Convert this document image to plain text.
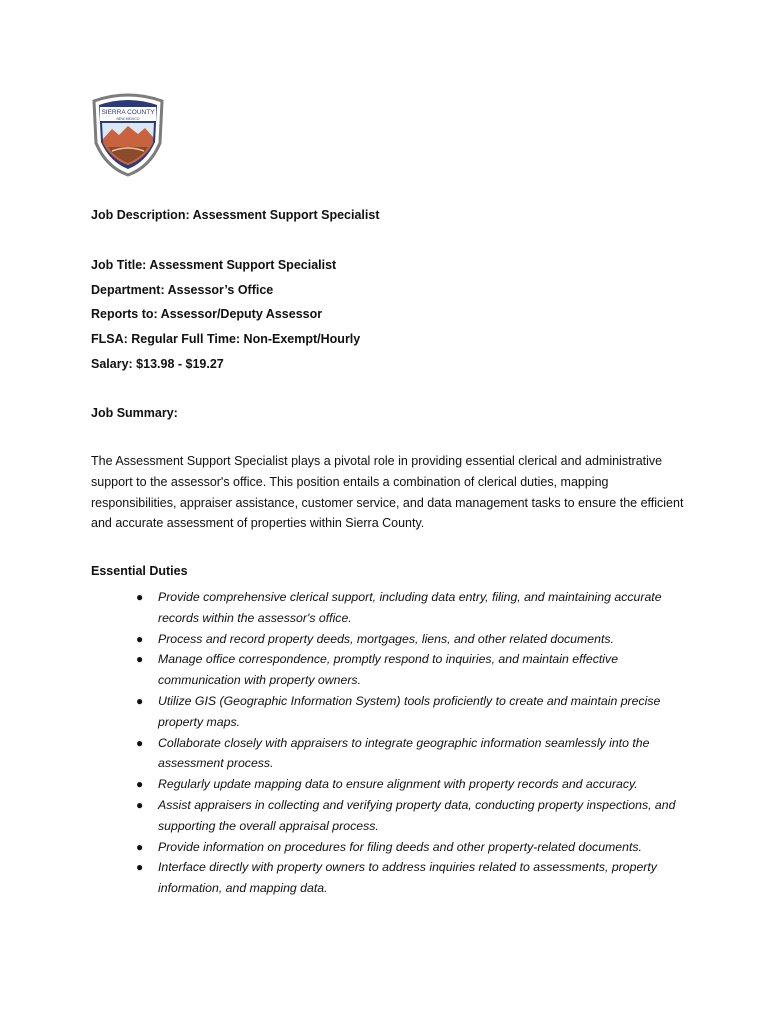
SIERRA COUNTY
NEW MEXICO
Job Description: Assessment Support Specialist
Job Title: Assessment Support Specialist
Department: Assessor’s Office
Reports to: Assessor/Deputy Assessor
FLSA: Regular Full Time: Non-Exempt/Hourly
Salary: $13.98 - $19.27
Job Summary:

The Assessment Support Specialist plays a pivotal role in providing essential clerical and administrative support to the assessor's office. This position entails a combination of clerical duties, mapping responsibilities, appraiser assistance, customer service, and data management tasks to ensure the efficient and accurate assessment of properties within Sierra County.

Essential Duties
● Provide comprehensive clerical support, including data entry, filing, and maintaining accurate records within the assessor's office.
● Process and record property deeds, mortgages, liens, and other related documents.
● Manage office correspondence, promptly respond to inquiries, and maintain effective communication with property owners.
● Utilize GIS (Geographic Information System) tools proficiently to create and maintain precise property maps.
● Collaborate closely with appraisers to integrate geographic information seamlessly into the assessment process.
● Regularly update mapping data to ensure alignment with property records and accuracy.
● Assist appraisers in collecting and verifying property data, conducting property inspections, and supporting the overall appraisal process.
● Provide information on procedures for filing deeds and other property-related documents.
● Interface directly with property owners to address inquiries related to assessments, property information, and mapping data.
